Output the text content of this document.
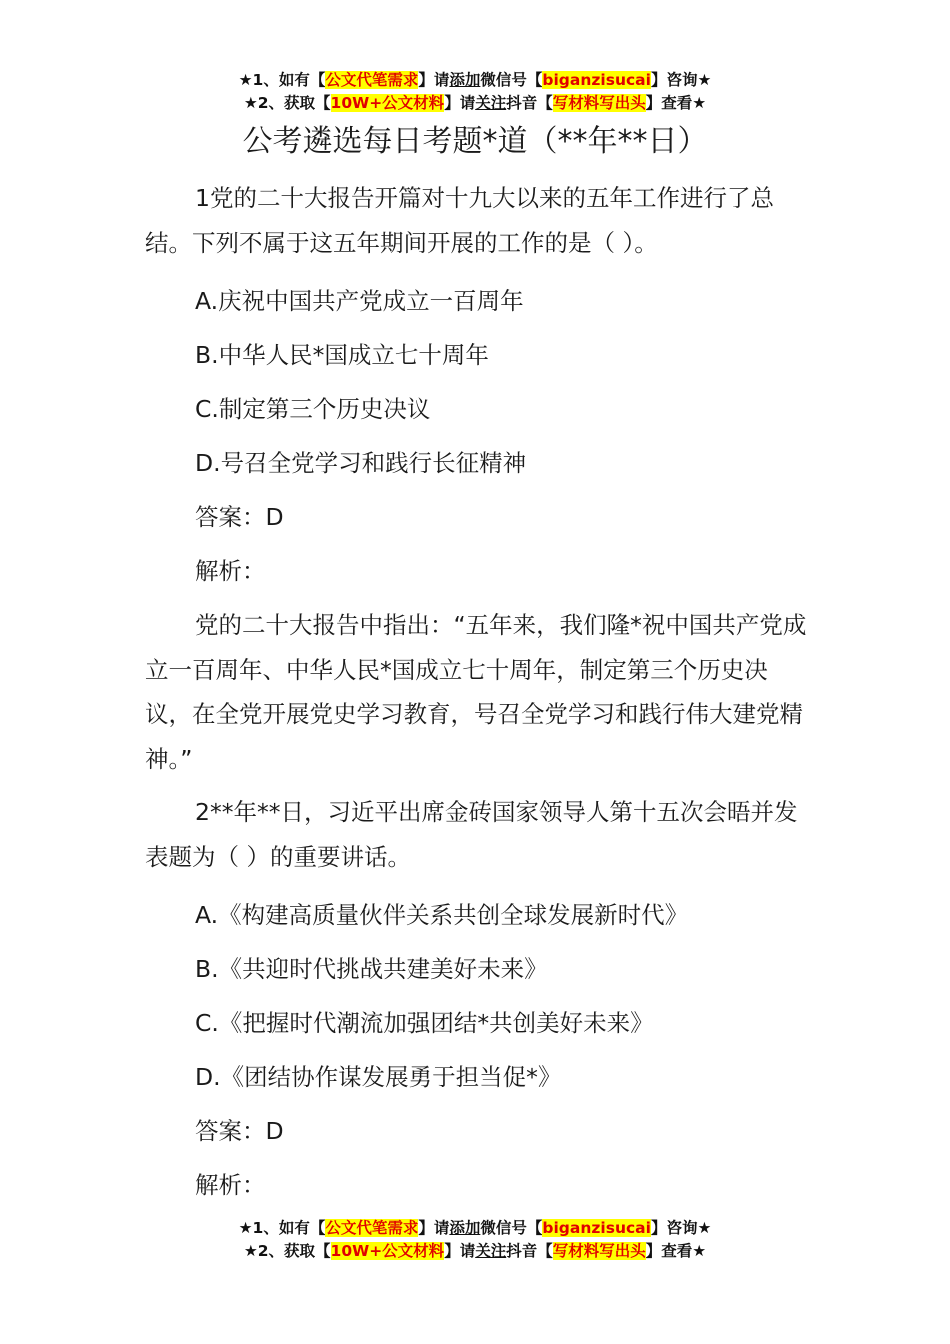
★1、如有【公文代笔需求】请添加微信号【biganzisucai】咨询★
★2、获取【10W+公文材料】请关注抖音【写材料写出头】查看★
公考遴选每日考题*道（**年**日）

1党的二十大报告开篇对十九大以来的五年工作进行了总结。下列不属于这五年期间开展的工作的是（ ）。

A.庆祝中国共产党成立一百周年

B.中华人民*国成立七十周年

C.制定第三个历史决议

D.号召全党学习和践行长征精神

答案：D

解析：

党的二十大报告中指出：“五年来，我们隆*祝中国共产党成立一百周年、中华人民*国成立七十周年，制定第三个历史决议，在全党开展党史学习教育，号召全党学习和践行伟大建党精神。”

2**年**日，习近平出席金砖国家领导人第十五次会晤并发表题为（ ）的重要讲话。

A.《构建高质量伙伴关系共创全球发展新时代》

B.《共迎时代挑战共建美好未来》

C.《把握时代潮流加强团结*共创美好未来》

D.《团结协作谋发展勇于担当促*》

答案：D

解析：

★1、如有【公文代笔需求】请添加微信号【biganzisucai】咨询★
★2、获取【10W+公文材料】请关注抖音【写材料写出头】查看★
